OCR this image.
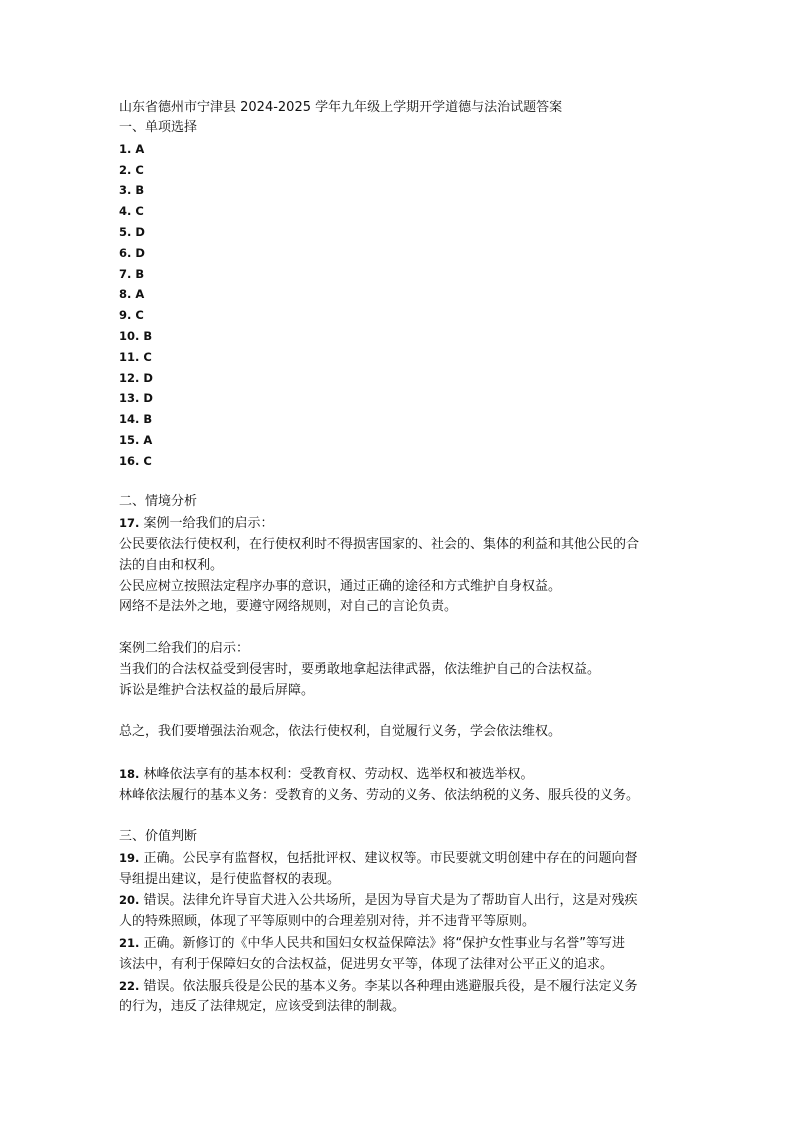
山东省德州市宁津县 2024-2025 学年九年级上学期开学道德与法治试题答案
一、单项选择
1. A
2. C
3. B
4. C
5. D
6. D
7. B
8. A
9. C
10. B
11. C
12. D
13. D
14. B
15. A
16. C
二、情境分析
17. 案例一给我们的启示：
公民要依法行使权利，在行使权利时不得损害国家的、社会的、集体的利益和其他公民的合
法的自由和权利。
公民应树立按照法定程序办事的意识，通过正确的途径和方式维护自身权益。
网络不是法外之地，要遵守网络规则，对自己的言论负责。
案例二给我们的启示：
当我们的合法权益受到侵害时，要勇敢地拿起法律武器，依法维护自己的合法权益。
诉讼是维护合法权益的最后屏障。
总之，我们要增强法治观念，依法行使权利，自觉履行义务，学会依法维权。
18. 林峰依法享有的基本权利：受教育权、劳动权、选举权和被选举权。
林峰依法履行的基本义务：受教育的义务、劳动的义务、依法纳税的义务、服兵役的义务。
三、价值判断
19. 正确。公民享有监督权，包括批评权、建议权等。市民要就文明创建中存在的问题向督
导组提出建议，是行使监督权的表现。
20. 错误。法律允许导盲犬进入公共场所，是因为导盲犬是为了帮助盲人出行，这是对残疾
人的特殊照顾，体现了平等原则中的合理差别对待，并不违背平等原则。
21. 正确。新修订的《中华人民共和国妇女权益保障法》将“保护女性事业与名誉”等写进
该法中，有利于保障妇女的合法权益，促进男女平等，体现了法律对公平正义的追求。
22. 错误。依法服兵役是公民的基本义务。李某以各种理由逃避服兵役，是不履行法定义务
的行为，违反了法律规定，应该受到法律的制裁。
